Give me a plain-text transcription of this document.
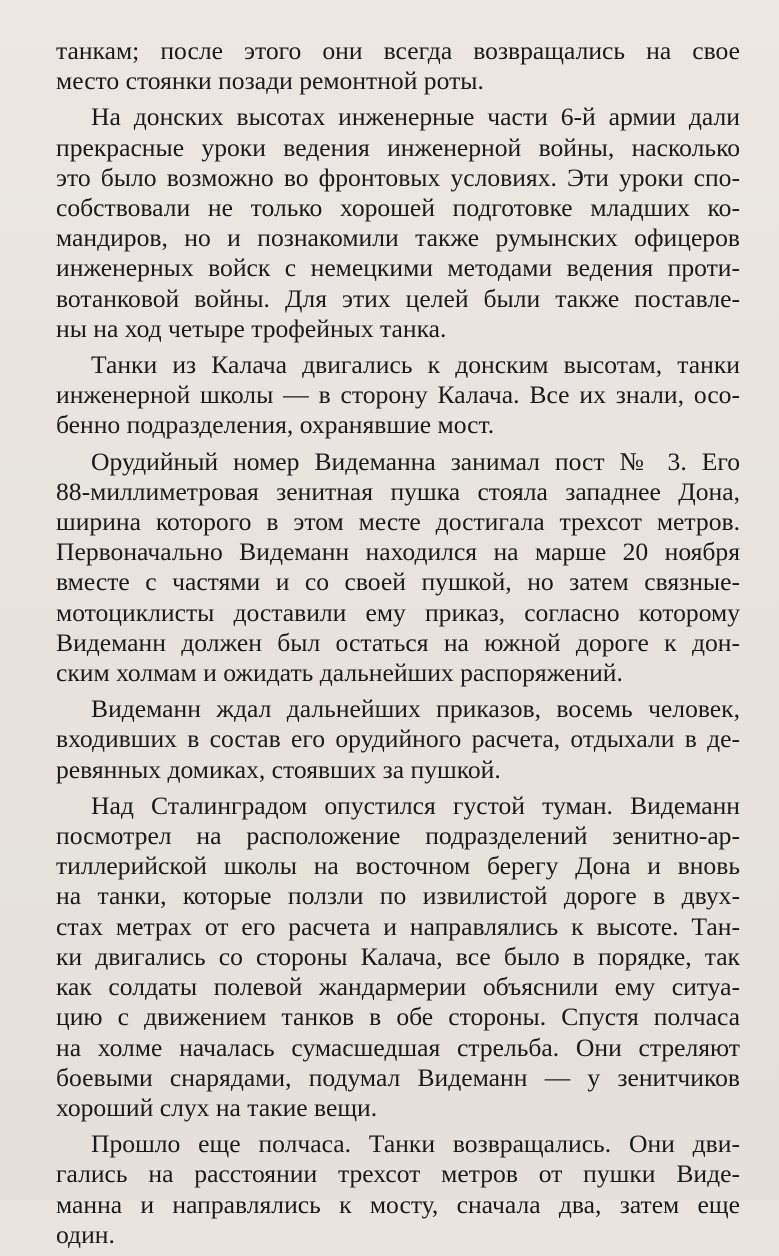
танкам; после этого они всегда возвращались на свое
место стоянки позади ремонтной роты.

На донских высотах инженерные части 6-й армии дали
прекрасные уроки ведения инженерной войны, насколько
это было возможно во фронтовых условиях. Эти уроки спо-
собствовали не только хорошей подготовке младших ко-
мандиров, но и познакомили также румынских офицеров
инженерных войск с немецкими методами ведения проти-
вотанковой войны. Для этих целей были также поставле-
ны на ход четыре трофейных танка.

Танки из Калача двигались к донским высотам, танки
инженерной школы — в сторону Калача. Все их знали, осо-
бенно подразделения, охранявшие мост.

Орудийный номер Видеманна занимал пост № 3. Его
88-миллиметровая зенитная пушка стояла западнее Дона,
ширина которого в этом месте достигала трехсот метров.
Первоначально Видеманн находился на марше 20 ноября
вместе с частями и со своей пушкой, но затем связные-
мотоциклисты доставили ему приказ, согласно которому
Видеманн должен был остаться на южной дороге к дон-
ским холмам и ожидать дальнейших распоряжений.

Видеманн ждал дальнейших приказов, восемь человек,
входивших в состав его орудийного расчета, отдыхали в де-
ревянных домиках, стоявших за пушкой.

Над Сталинградом опустился густой туман. Видеманн
посмотрел на расположение подразделений зенитно-ар-
тиллерийской школы на восточном берегу Дона и вновь
на танки, которые ползли по извилистой дороге в двух-
стах метрах от его расчета и направлялись к высоте. Тан-
ки двигались со стороны Калача, все было в порядке, так
как солдаты полевой жандармерии объяснили ему ситуа-
цию с движением танков в обе стороны. Спустя полчаса
на холме началась сумасшедшая стрельба. Они стреляют
боевыми снарядами, подумал Видеманн — у зенитчиков
хороший слух на такие вещи.

Прошло еще полчаса. Танки возвращались. Они дви-
гались на расстоянии трехсот метров от пушки Виде-
манна и направлялись к мосту, сначала два, затем еще
один.
